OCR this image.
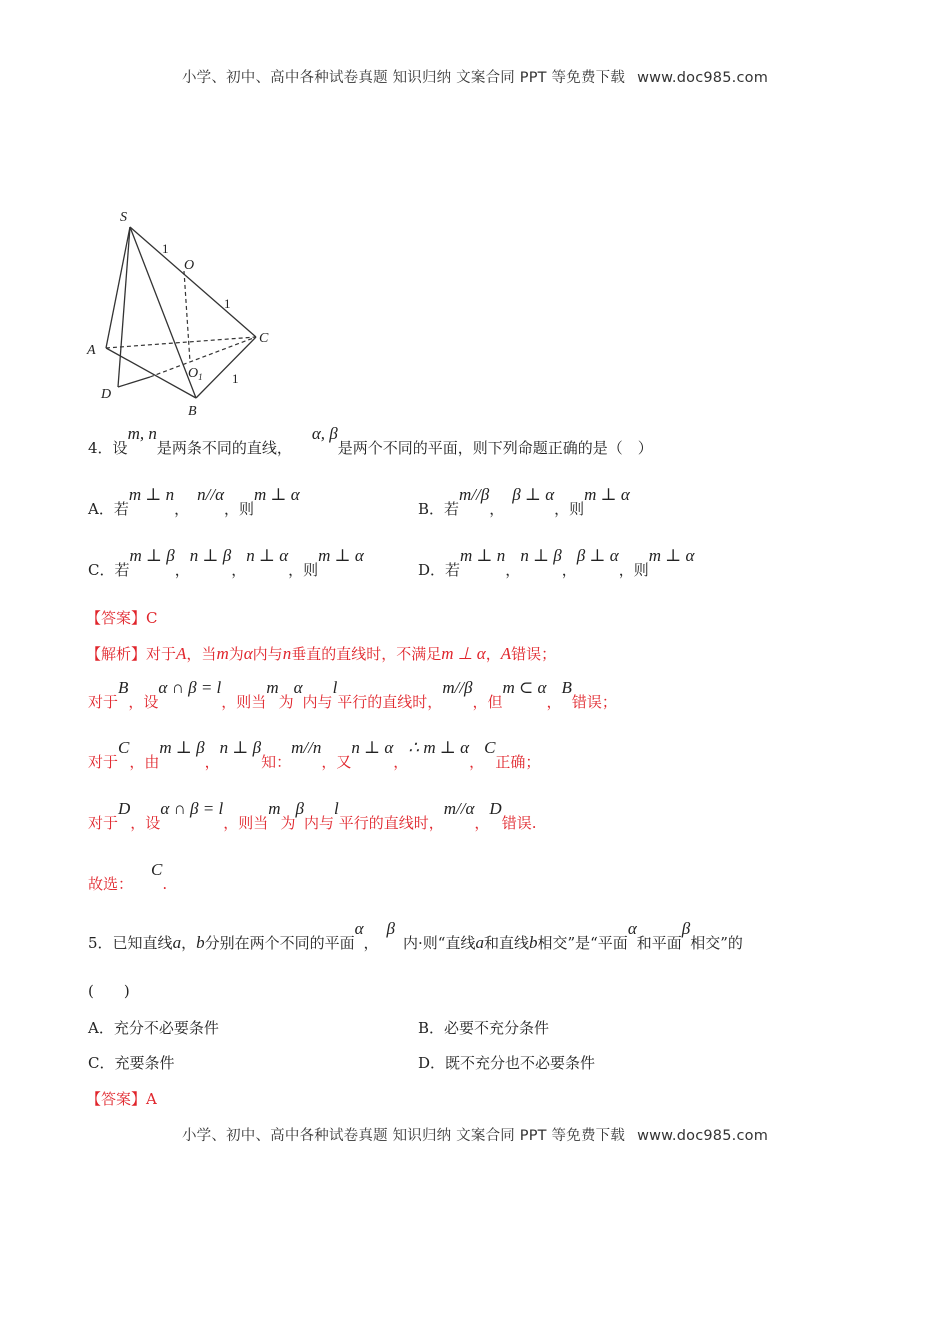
小学、初中、高中各种试卷真题 知识归纳 文案合同 PPT 等免费下载 www.doc985.com
S
O
A
C
$O_1$
D
B
1
1
1
4．设m, n是两条不同的直线，α, β是两个不同的平面，则下列命题正确的是（　）
A．若m ⊥ n，n//α，则m ⊥ α
B．若m//β，β ⊥ α，则m ⊥ α
C．若m ⊥ β，n ⊥ β，n ⊥ α，则m ⊥ α
D．若m ⊥ n，n ⊥ β，β ⊥ α，则m ⊥ α
【答案】C
【解析】对于A，当m为α内与n垂直的直线时，不满足m ⊥ α，A错误；
对于B，设α ∩ β = l，则当m为α内与l平行的直线时，m//β，但m ⊂ α，B错误；
对于C，由m ⊥ β，n ⊥ β知：m//n，又n ⊥ α，∴ m ⊥ α，C正确；
对于D，设α ∩ β = l，则当m为β内与l平行的直线时，m//α，D错误.
故选：C.
5．已知直线a，b分别在两个不同的平面α，β内·则“直线a和直线b相交”是“平面α和平面β相交”的
(　　)
A．充分不必要条件	B．必要不充分条件
C．充要条件	D．既不充分也不必要条件
【答案】A
小学、初中、高中各种试卷真题 知识归纳 文案合同 PPT 等免费下载 www.doc985.com
